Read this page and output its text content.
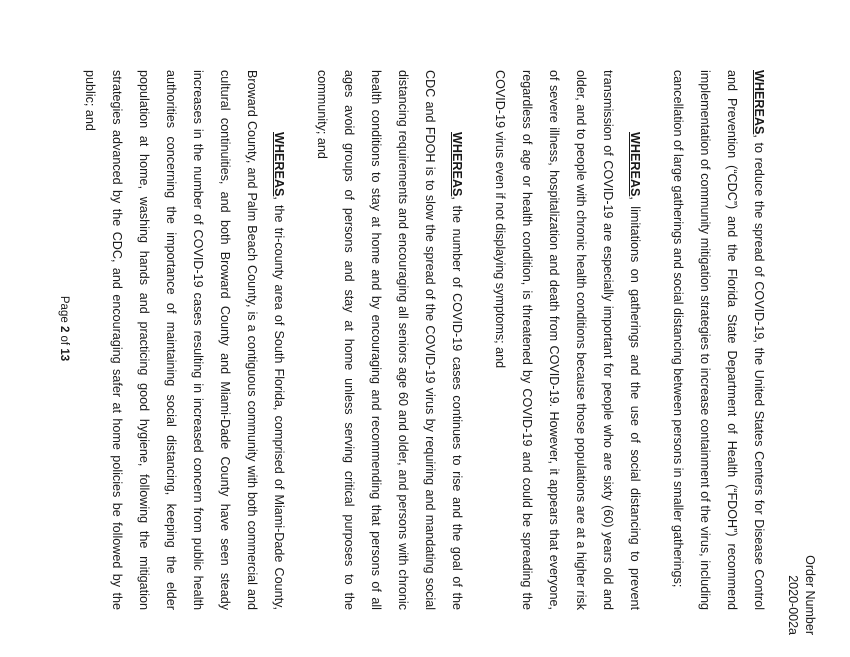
Order Number
2020-002a

WHEREAS, to reduce the spread of COVID-19, the United States Centers for Disease Control and Prevention (“CDC”) and the Florida State Department of Health (“FDOH”) recommend implementation of community mitigation strategies to increase containment of the virus, including cancellation of large gatherings and social distancing between persons in smaller gatherings;

WHEREAS, limitations on gatherings and the use of social distancing to prevent transmission of COVID-19 are especially important for people who are sixty (60) years old and older, and to people with chronic health conditions because those populations are at a higher risk of severe illness, hospitalization and death from COVID-19. However, it appears that everyone, regardless of age or health condition, is threatened by COVID-19 and could be spreading the COVID-19 virus even if not displaying symptoms; and

WHEREAS, the number of COVID-19 cases continues to rise and the goal of the CDC and FDOH is to slow the spread of the COVID-19 virus by requiring and mandating social distancing requirements and encouraging all seniors age 60 and older, and persons with chronic health conditions to stay at home and by encouraging and recommending that persons of all ages avoid groups of persons and stay at home unless serving critical purposes to the community; and

WHEREAS, the tri-county area of South Florida, comprised of Miami-Dade County, Broward County, and Palm Beach County, is a contiguous community with both commercial and cultural continuities, and both Broward County and Miami-Dade County have seen steady increases in the number of COVID-19 cases resulting in increased concern from public health authorities concerning the importance of maintaining social distancing, keeping the elder population at home, washing hands and practicing good hygiene, following the mitigation strategies advanced by the CDC, and encouraging safer at home policies be followed by the public; and

Page 2 of 13
